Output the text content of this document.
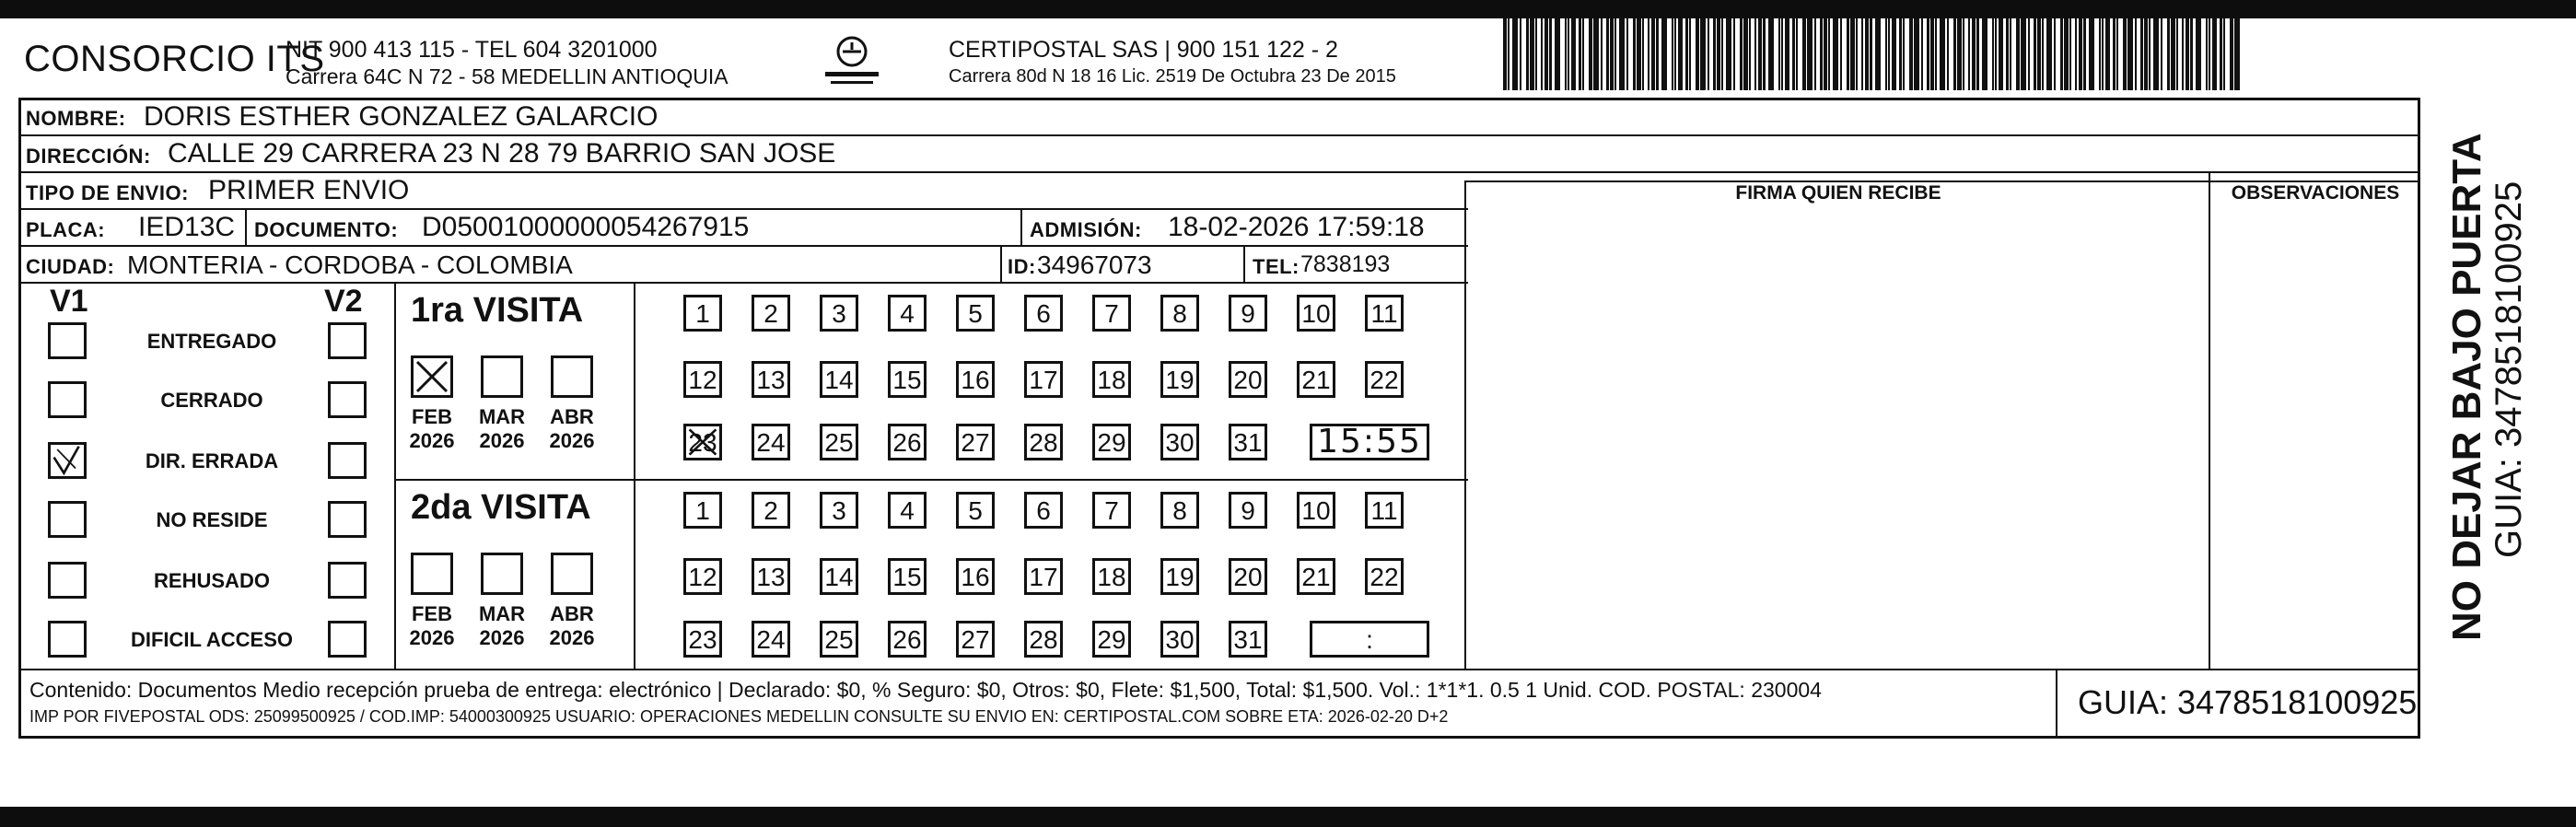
CONSORCIO ITS
NIT 900 413 115 - TEL 604 3201000
Carrera 64C N 72 - 58 MEDELLIN ANTIOQUIA
CERTIPOSTAL SAS | 900 151 122 - 2
Carrera 80d N 18 16 Lic. 2519 De Octubra 23 De 2015
NOMBRE: DORIS ESTHER GONZALEZ GALARCIO
DIRECCIÓN: CALLE 29 CARRERA 23 N 28 79 BARRIO SAN JOSE
TIPO DE ENVIO: PRIMER ENVIO	FIRMA QUIEN RECIBE	OBSERVACIONES
PLACA: IED13C DOCUMENTO: D05001000000054267915	ADMISIÓN: 18-02-2026 17:59:18
CIUDAD: MONTERIA - CORDOBA - COLOMBIA	ID: 34967073	TEL: 7838193
V1	V2
ENTREGADO
CERRADO
DIR. ERRADA
NO RESIDE
REHUSADO
DIFICIL ACCESO
1ra VISITA
2da VISITA
FEB
2026
MAR
2026
ABR
2026
1	2	3	4	5	6	7	8	9	10 11
12 13 14 15 16 17 18 19 20 21 22
23 24 25 26 27 28 29 30 31 15:55
FEB
2026
MAR
2026
ABR
2026
1	2	3	4	5	6	7	8	9	10 11
12 13 14 15 16 17 18 19 20 21 22
23 24 25 26 27 28 29 30 31	:
Contenido: Documentos Medio recepción prueba de entrega: electrónico | Declarado: $0, % Seguro: $0, Otros: $0, Flete: $1,500, Total: $1,500. Vol.: 1*1*1. 0.5 1 Unid. COD. POSTAL: 230004
IMP POR FIVEPOSTAL ODS: 25099500925 / COD.IMP: 54000300925 USUARIO: OPERACIONES MEDELLIN CONSULTE SU ENVIO EN: CERTIPOSTAL.COM SOBRE ETA: 2026-02-20 D+2	GUIA: 3478518100925
NO DEJAR BAJO PUERTA GUIA: 3478518100925
